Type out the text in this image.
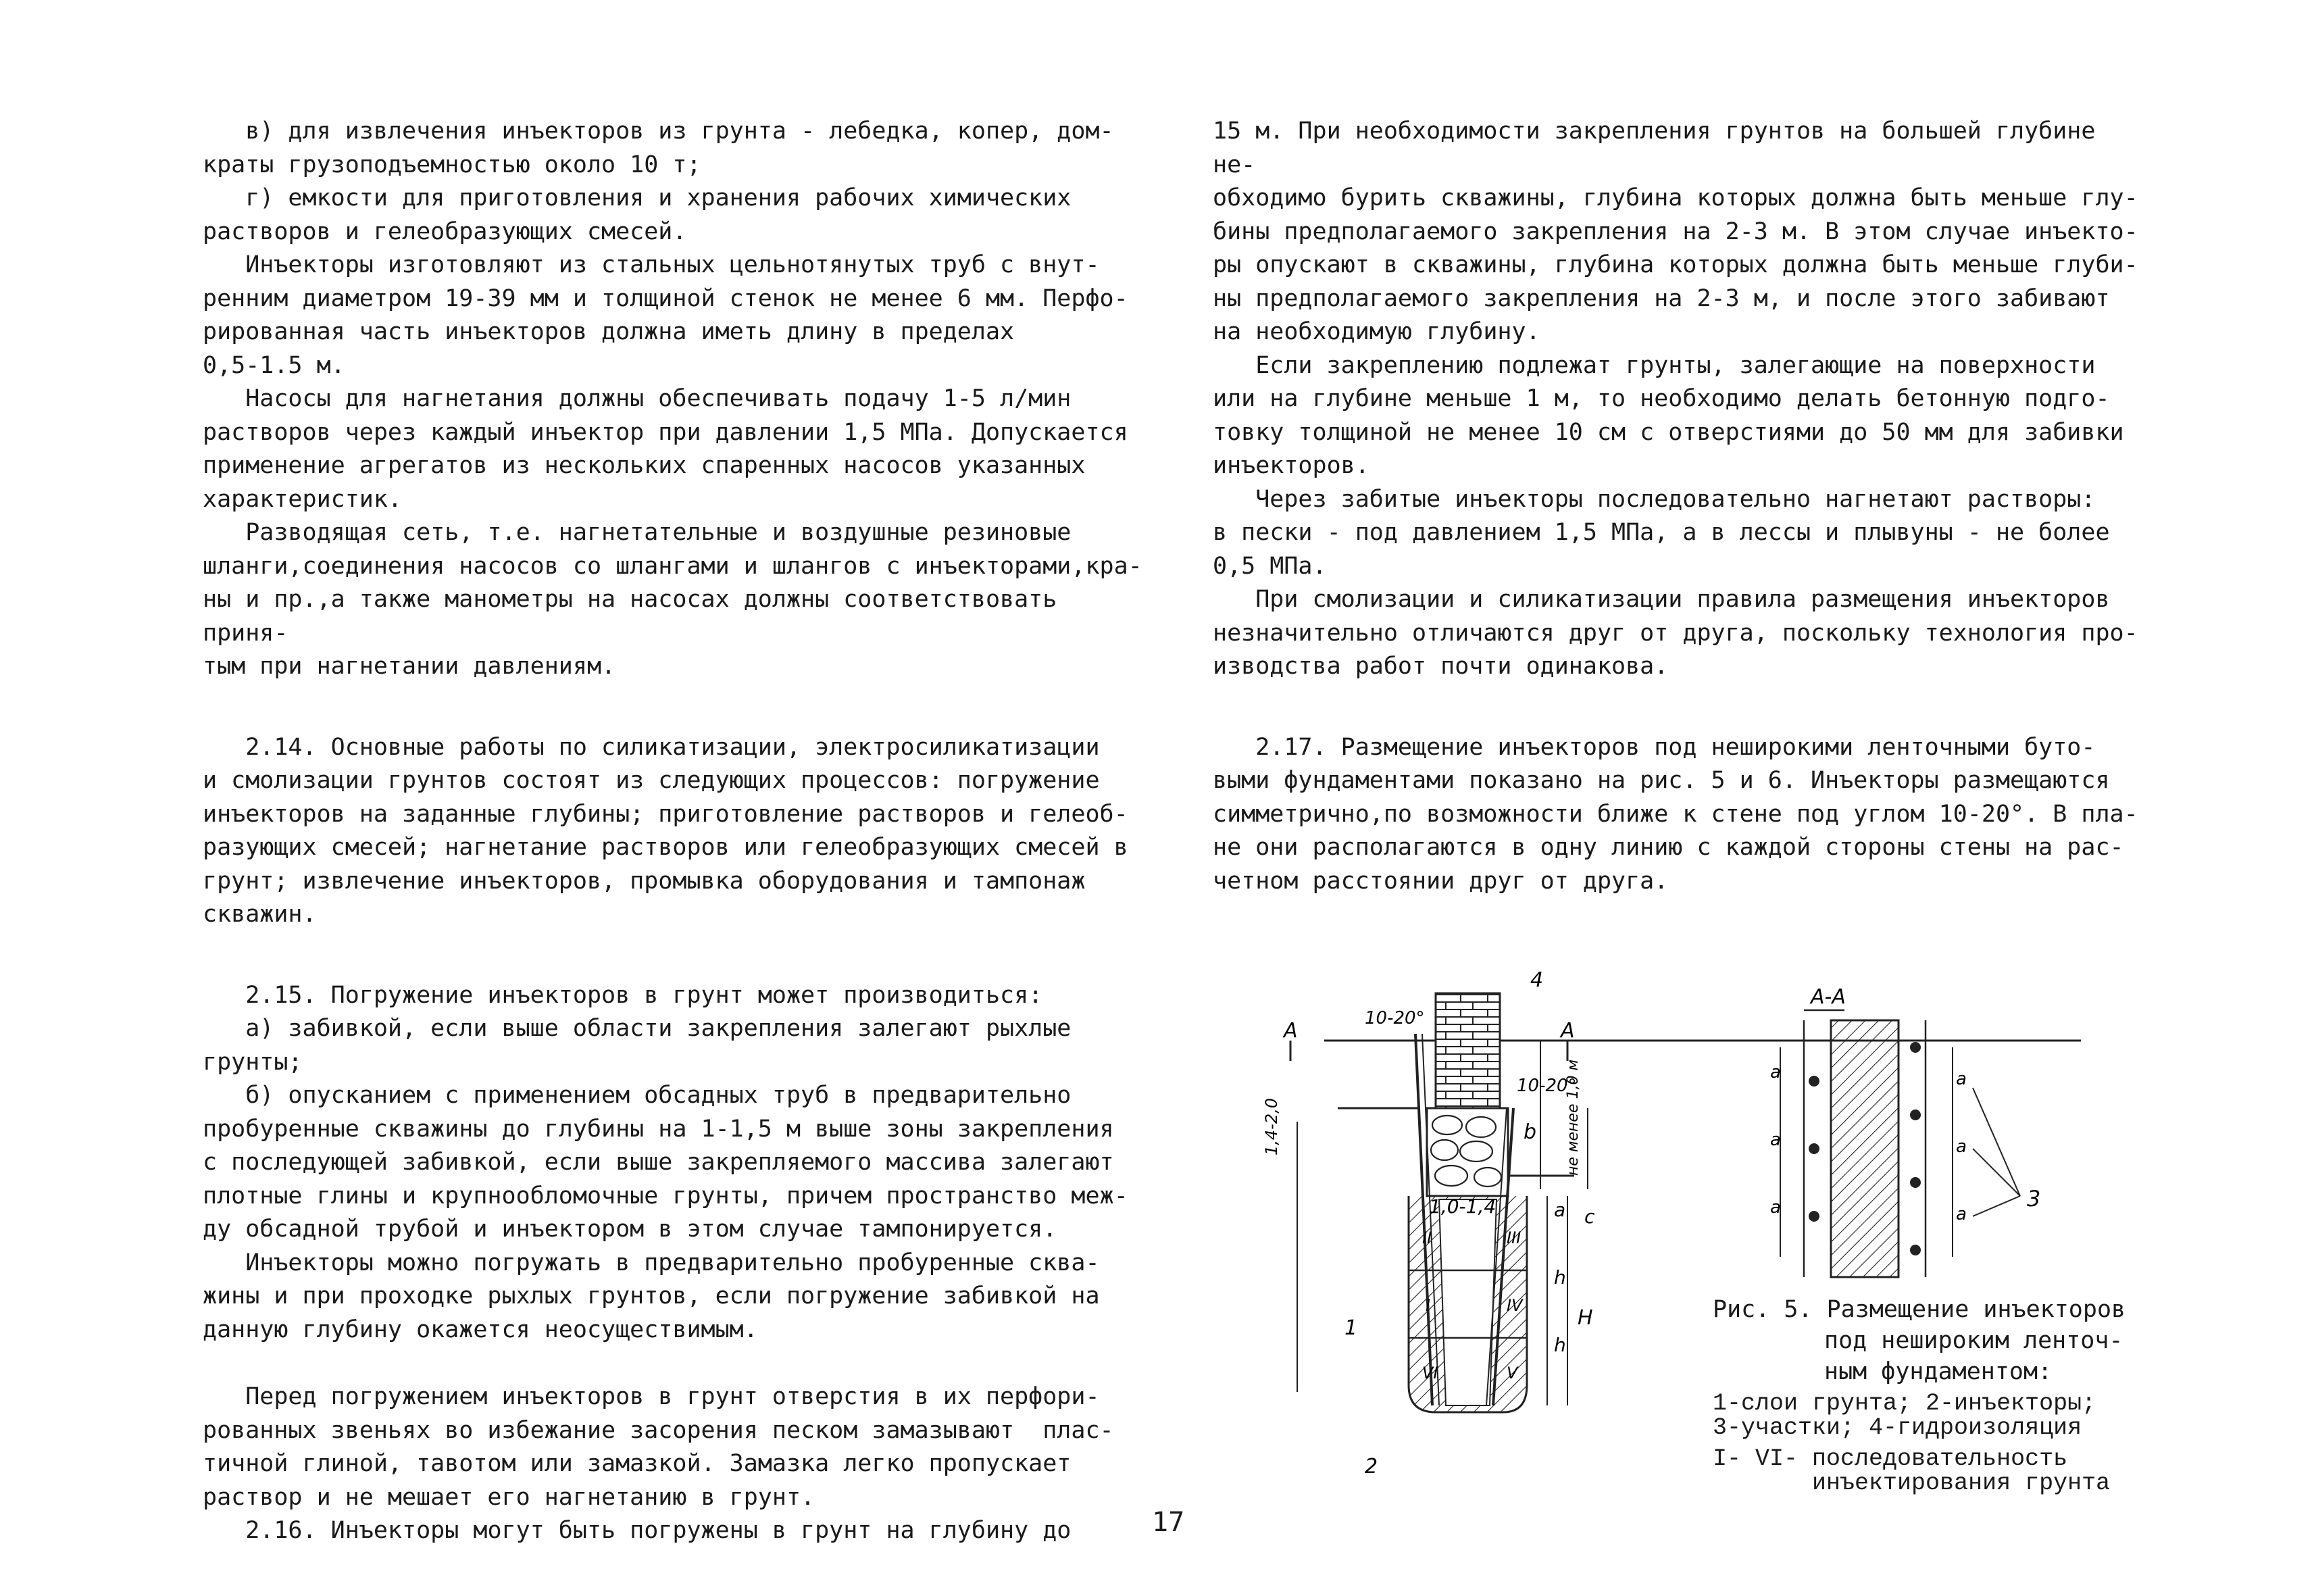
в) для извлечения инъекторов из грунта - лебедка, копер, дом-
краты грузоподъемностью около 10 т;

г) емкости для приготовления и хранения рабочих химических
растворов и гелеобразующих смесей.

Инъекторы изготовляют из стальных цельнотянутых труб с внут-
ренним диаметром 19-39 мм и толщиной стенок не менее 6 мм. Перфо-
рированная часть инъекторов должна иметь длину в пределах
0,5-1.5 м.

Насосы для нагнетания должны обеспечивать подачу 1-5 л/мин
растворов через каждый инъектор при давлении 1,5 МПа. Допускается
применение агрегатов из нескольких спаренных насосов указанных
характеристик.

Разводящая сеть, т.е. нагнетательные и воздушные резиновые
шланги,соединения насосов со шлангами и шлангов с инъекторами,кра-
ны и пр.,а также манометры на насосах должны соответствовать приня-
тым при нагнетании давлениям.

2.14. Основные работы по силикатизации, электросиликатизации
и смолизации грунтов состоят из следующих процессов: погружение
инъекторов на заданные глубины; приготовление растворов и гелеоб-
разующих смесей; нагнетание растворов или гелеобразующих смесей в
грунт; извлечение инъекторов, промывка оборудования и тампонаж
скважин.

2.15. Погружение инъекторов в грунт может производиться:
а) забивкой, если выше области закрепления залегают рыхлые
грунты;

б) опусканием с применением обсадных труб в предварительно
пробуренные скважины до глубины на 1-1,5 м выше зоны закрепления
с последующей забивкой, если выше закрепляемого массива залегают
плотные глины и крупнообломочные грунты, причем пространство меж-
ду обсадной трубой и инъектором в этом случае тампонируется.

Инъекторы можно погружать в предварительно пробуренные сква-
жины и при проходке рыхлых грунтов, если погружение забивкой на
данную глубину окажется неосуществимым.

Перед погружением инъекторов в грунт отверстия в их перфори-
рованных звеньях во избежание засорения песком замазывают  плас-
тичной глиной, тавотом или замазкой. Замазка легко пропускает
раствор и не мешает его нагнетанию в грунт.

2.16. Инъекторы могут быть погружены в грунт на глубину до

15 м. При необходимости закрепления грунтов на большей глубине не-
обходимо бурить скважины, глубина которых должна быть меньше глу-
бины предполагаемого закрепления на 2-3 м. В этом случае инъекто-
ры опускают в скважины, глубина которых должна быть меньше глуби-
ны предполагаемого закрепления на 2-3 м, и после этого забивают
на необходимую глубину.

Если закреплению подлежат грунты, залегающие на поверхности
или на глубине меньше 1 м, то необходимо делать бетонную подго-
товку толщиной не менее 10 см с отверстиями до 50 мм для забивки
инъекторов.

Через забитые инъекторы последовательно нагнетают растворы:
в пески - под давлением 1,5 МПа, а в лессы и плывуны - не более
0,5 МПа.

При смолизации и силикатизации правила размещения инъекторов
незначительно отличаются друг от друга, поскольку технология про-
изводства работ почти одинакова.

2.17. Размещение инъекторов под неширокими ленточными буто-
выми фундаментами показано на рис. 5 и 6. Инъекторы размещаются
симметрично,по возможности ближе к стене под углом 10-20°. В пла-
не они располагаются в одну линию с каждой стороны стены на рас-
четном расстоянии друг от друга.

А
10-20°
4
10-20°
b
А
1,0-1,4	a c
h
h
H
1
2
II	III
I	IV
VI	V
1,4-2,0	не менее 1,0 м
А-А
3
a
a
a
a
a
a

Рис. 5. Размещение инъекторов

под нешироким ленточ-

ным фундаментом:

1-слои грунта; 2-инъекторы;
3-участки; 4-гидроизоляция
I- VI- последовательность
инъектирования грунта
17
